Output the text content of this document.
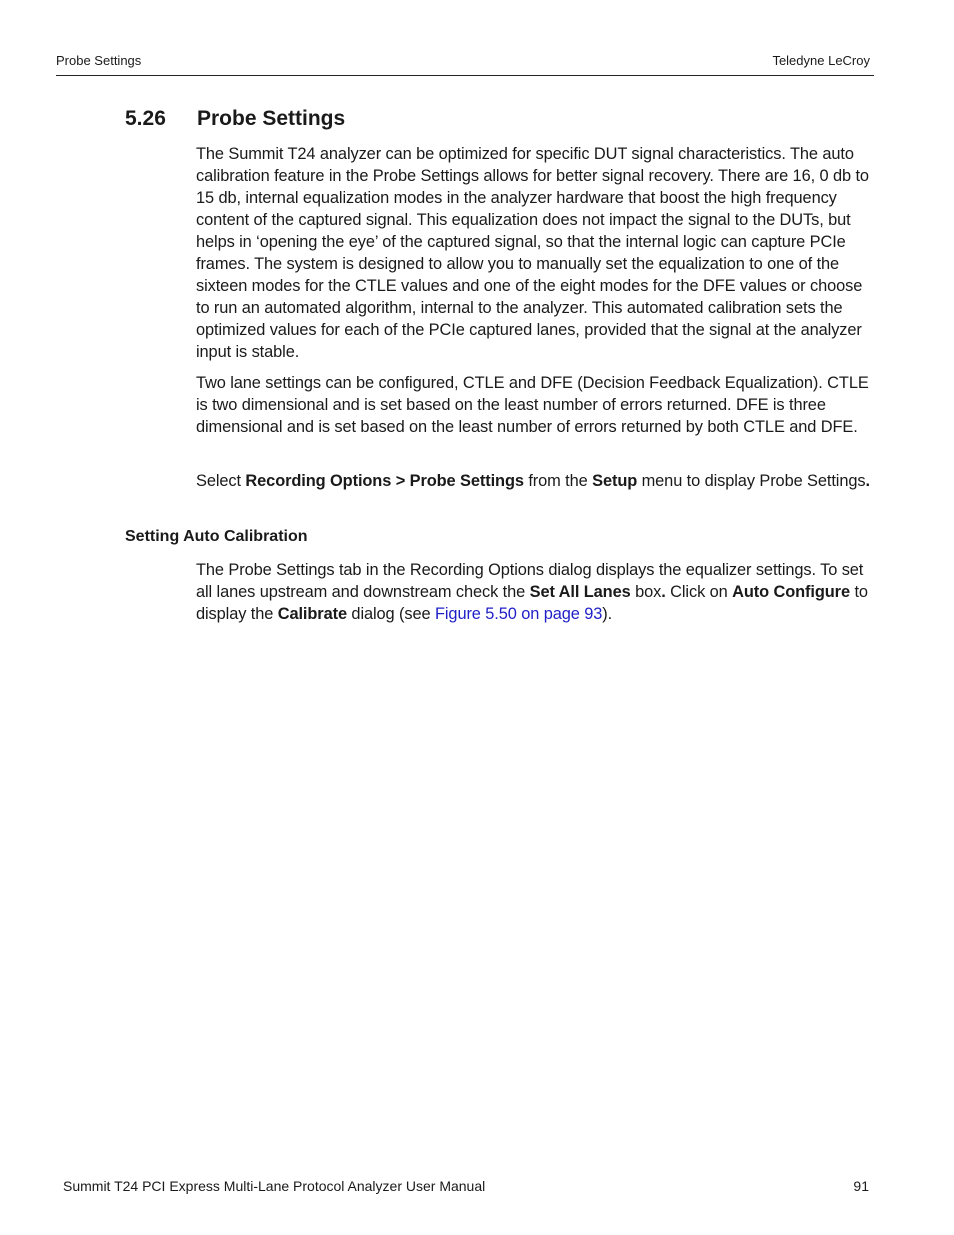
Probe Settings	Teledyne LeCroy
5.26 Probe Settings

The Summit T24 analyzer can be optimized for specific DUT signal characteristics. The auto calibration feature in the Probe Settings allows for better signal recovery. There are 16, 0 db to 15 db, internal equalization modes in the analyzer hardware that boost the high frequency content of the captured signal. This equalization does not impact the signal to the DUTs, but helps in ‘opening the eye’ of the captured signal, so that the internal logic can capture PCIe frames. The system is designed to allow you to manually set the equalization to one of the sixteen modes for the CTLE values and one of the eight modes for the DFE values or choose to run an automated algorithm, internal to the analyzer. This automated calibration sets the optimized values for each of the PCIe captured lanes, provided that the signal at the analyzer input is stable.

Two lane settings can be configured, CTLE and DFE (Decision Feedback Equalization). CTLE is two dimensional and is set based on the least number of errors returned. DFE is three dimensional and is set based on the least number of errors returned by both CTLE and DFE.

Select Recording Options > Probe Settings from the Setup menu to display Probe Settings.

Setting Auto Calibration

The Probe Settings tab in the Recording Options dialog displays the equalizer settings. To set all lanes upstream and downstream check the Set All Lanes box. Click on Auto Configure to display the Calibrate dialog (see Figure 5.50 on page 93).

Summit T24 PCI Express Multi-Lane Protocol Analyzer User Manual	91
